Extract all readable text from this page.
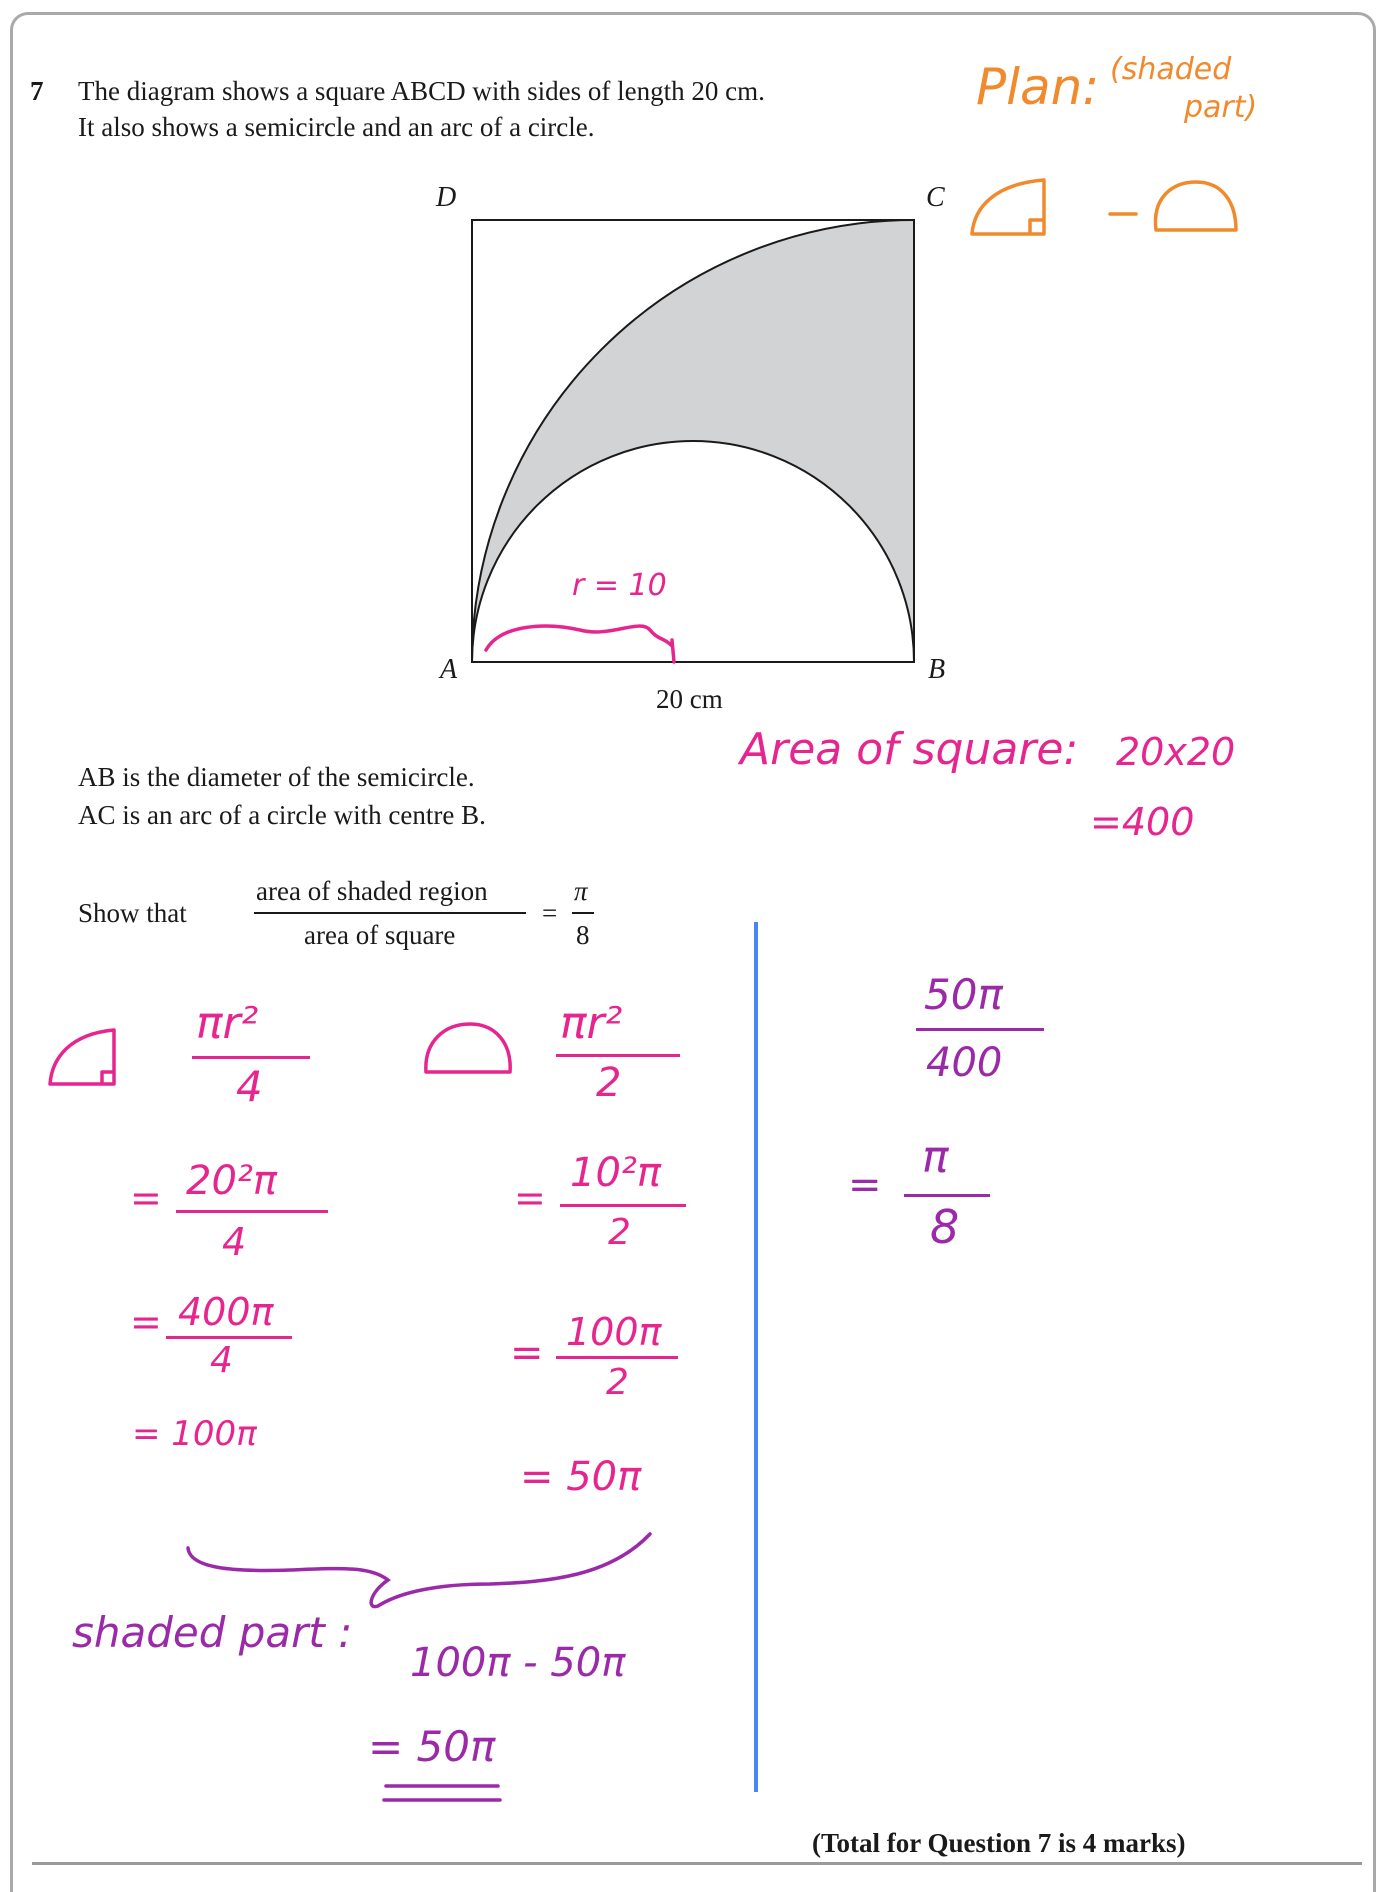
7 The diagram shows a square ABCD with sides of length 20 cm.
It also shows a semicircle and an arc of a circle.
D	C
A	B
20 cm
r = 10
AB is the diameter of the semicircle.
AC is an arc of a circle with centre B.
Show that
area of shaded region
area of square
=
π
8
Plan: (shaded
part)
Area of square: 20x20
=400
πr²
4
= 20²π
4
= 400π
4
= 100π
πr²
2
=
10²π
2
= 100π
2
= 50π
shaded part :
100π - 50π
= 50π
50π
400
=
π
8
(Total for Question 7 is 4 marks)
